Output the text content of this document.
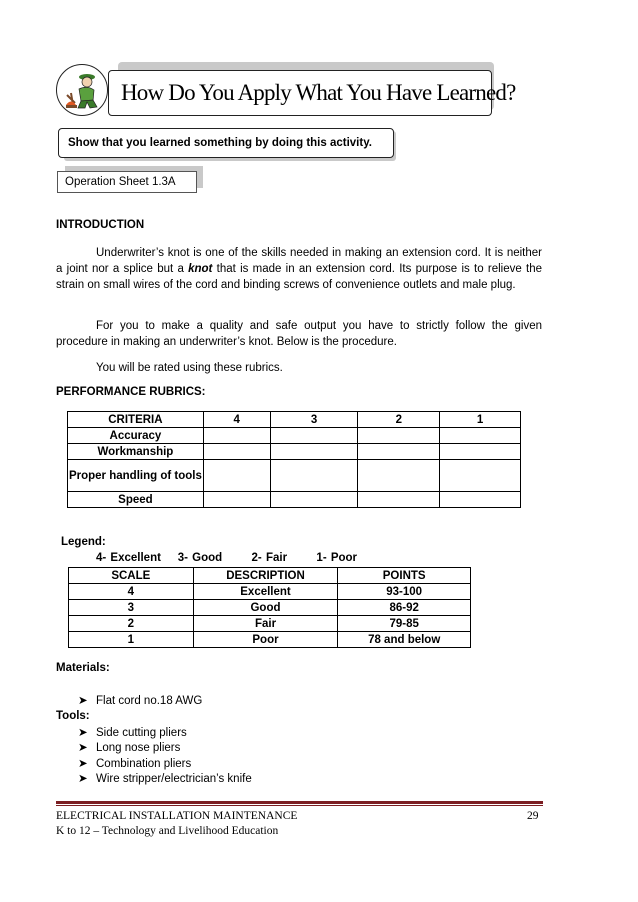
How Do You Apply What You Have Learned?
Show that you learned something by doing this activity.
Operation Sheet 1.3A
INTRODUCTION
Underwriter’s knot is one of the skills needed in making an extension cord. It is neither a joint nor a splice but a knot that is made in an extension cord. Its purpose is to relieve the strain on small wires of the cord and binding screws of convenience outlets and male plug.
For you to make a quality and safe output you have to strictly follow the given procedure in making an underwriter’s knot. Below is the procedure.
You will be rated using these rubrics.
PERFORMANCE RUBRICS:
CRITERIA	4	3	2	1
Accuracy				
Workmanship				
Proper handling of tools				
Speed				
Legend:
4- Excellent 3- Good	2- Fair	1- Poor
SCALE	DESCRIPTION	POINTS
4	Excellent	93-100
3	Good	86-92
2	Fair	79-85
1	Poor	78 and below
Materials:
➤ Flat cord no.18 AWG
Tools:
➤ Side cutting pliers
➤ Long nose pliers
➤ Combination pliers
➤ Wire stripper/electrician’s knife
ELECTRICAL INSTALLATION MAINTENANCE
K to 12 – Technology and Livelihood Education
29
